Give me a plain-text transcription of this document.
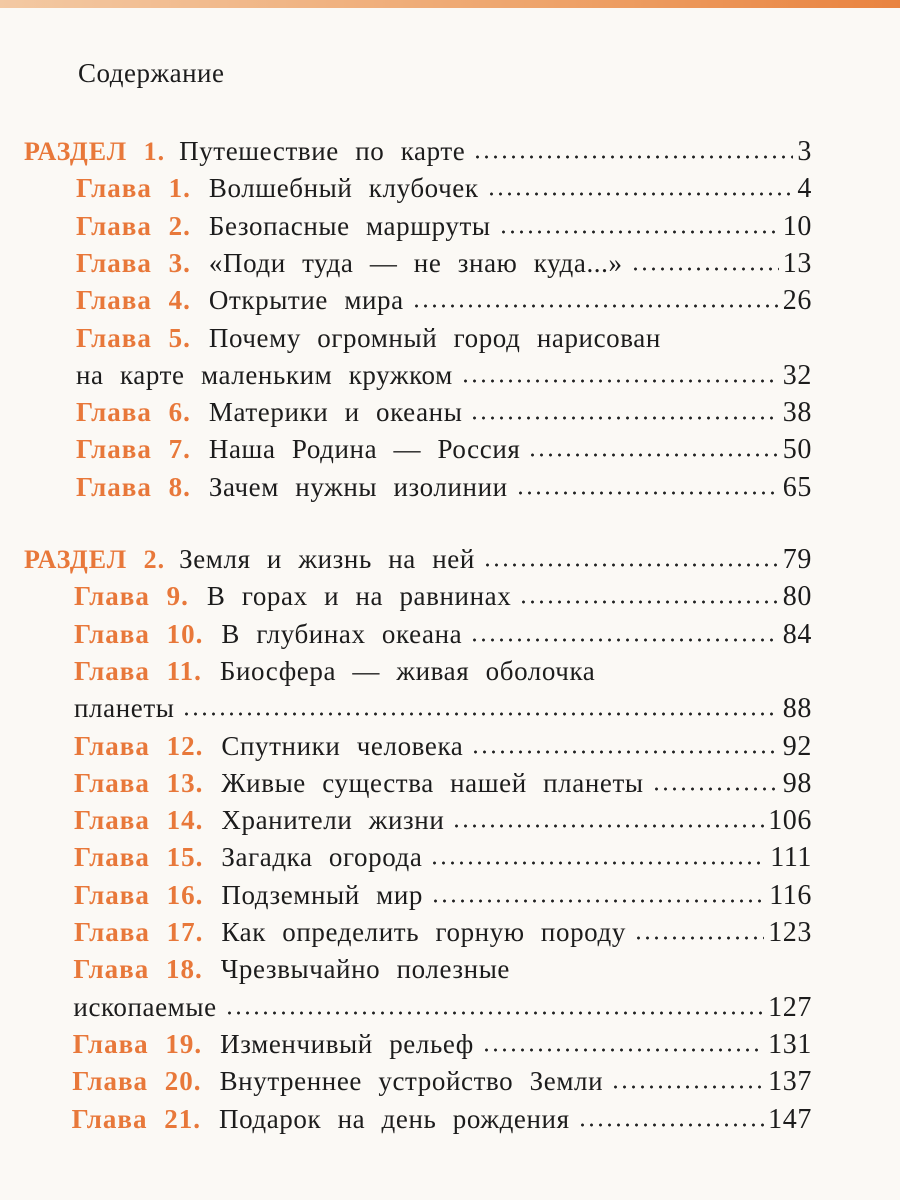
Содержание
РАЗДЕЛ 1. Путешествие по карте	3
Глава 1. Волшебный клубочек	4
Глава 2. Безопасные маршруты	10
Глава 3. «Поди туда — не знаю куда...»	13
Глава 4. Открытие мира	26
Глава 5. Почему огромный город нарисован
на карте маленьким кружком	32
Глава 6. Материки и океаны	38
Глава 7. Наша Родина — Россия	50
Глава 8. Зачем нужны изолинии	65
РАЗДЕЛ 2. Земля и жизнь на ней	79
Глава 9. В горах и на равнинах	80
Глава 10. В глубинах океана	84
Глава 11. Биосфера — живая оболочка
планеты	88
Глава 12. Спутники человека	92
Глава 13. Живые существа нашей планеты	98
Глава 14. Хранители жизни	106
Глава 15. Загадка огорода	111
Глава 16. Подземный мир	116
Глава 17. Как определить горную породу	123
Глава 18. Чрезвычайно полезные
ископаемые	127
Глава 19. Изменчивый рельеф	131
Глава 20. Внутреннее устройство Земли	137
Глава 21. Подарок на день рождения	147
